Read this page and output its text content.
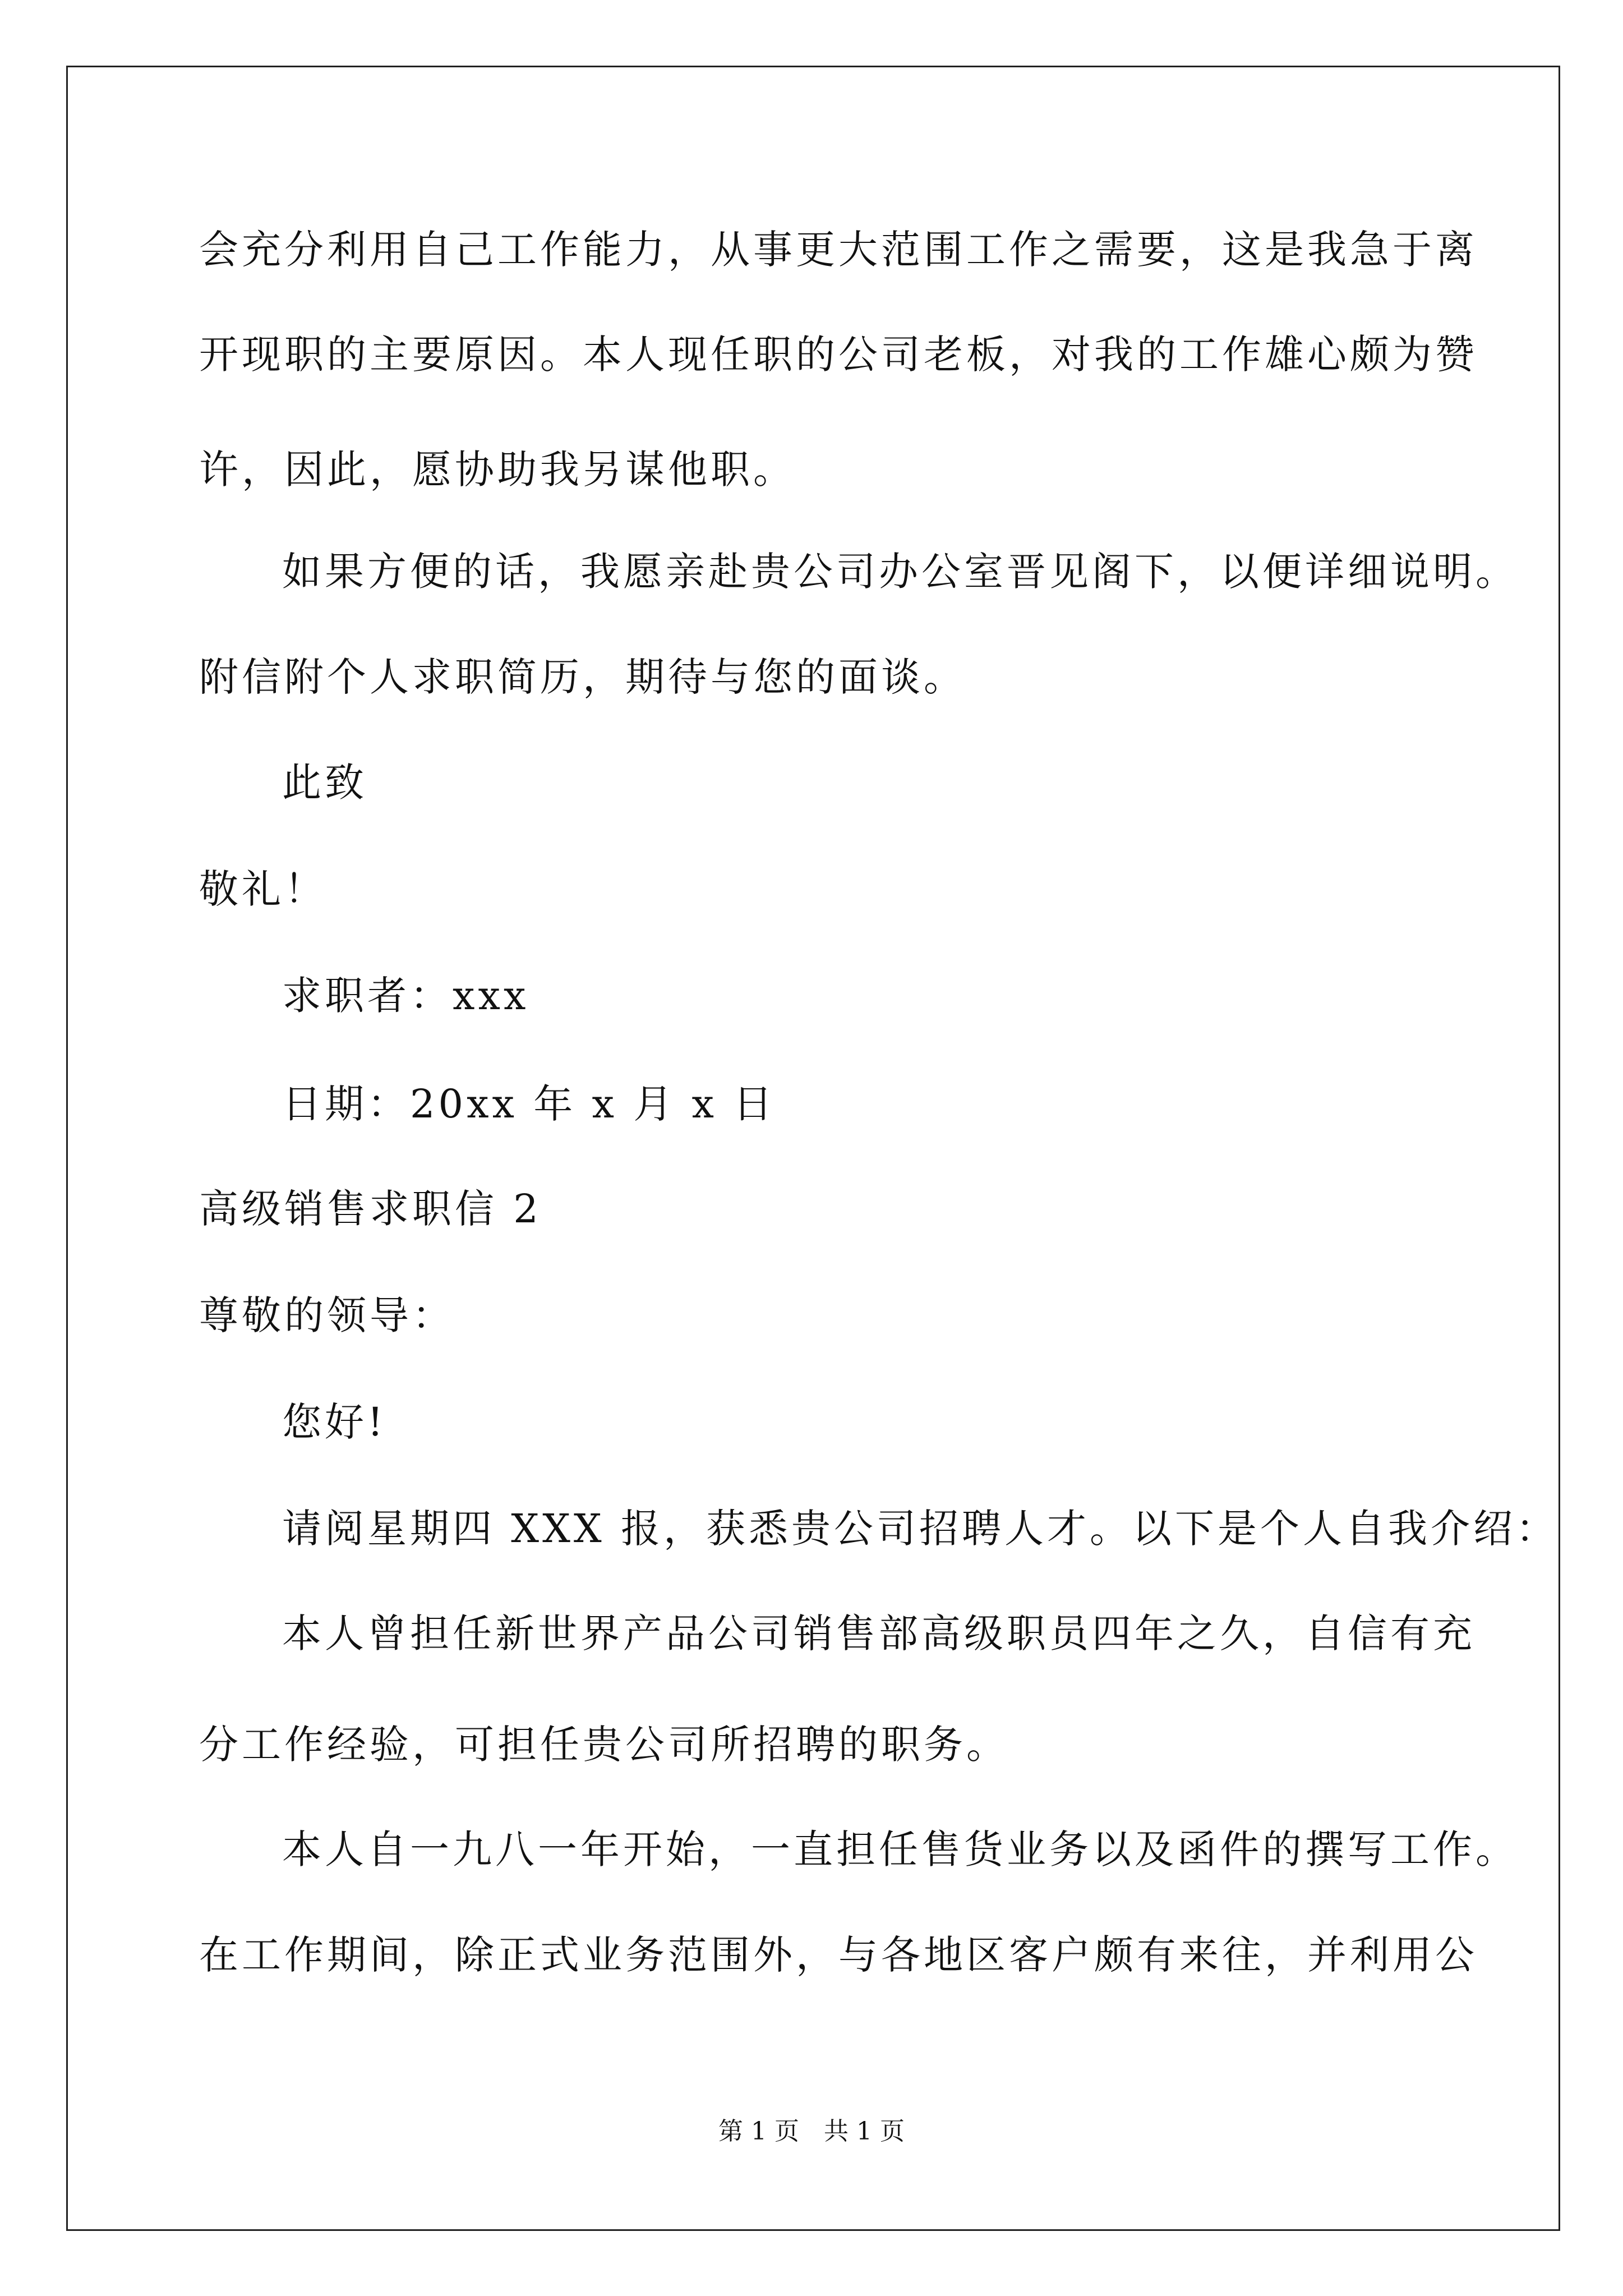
会充分利用自己工作能力，从事更大范围工作之需要，这是我急于离
开现职的主要原因。本人现任职的公司老板，对我的工作雄心颇为赞
许，因此，愿协助我另谋他职。
如果方便的话，我愿亲赴贵公司办公室晋见阁下，以便详细说明。
附信附个人求职简历，期待与您的面谈。
此致
敬礼！
求职者：xxx
日期：20xx 年 x 月 x 日
高级销售求职信 2
尊敬的领导：
您好!
请阅星期四 XXX 报，获悉贵公司招聘人才。以下是个人自我介绍：
本人曾担任新世界产品公司销售部高级职员四年之久，自信有充
分工作经验，可担任贵公司所招聘的职务。
本人自一九八一年开始，一直担任售货业务以及函件的撰写工作。
在工作期间，除正式业务范围外，与各地区客户颇有来往，并利用公
第 1 页　共 1 页
